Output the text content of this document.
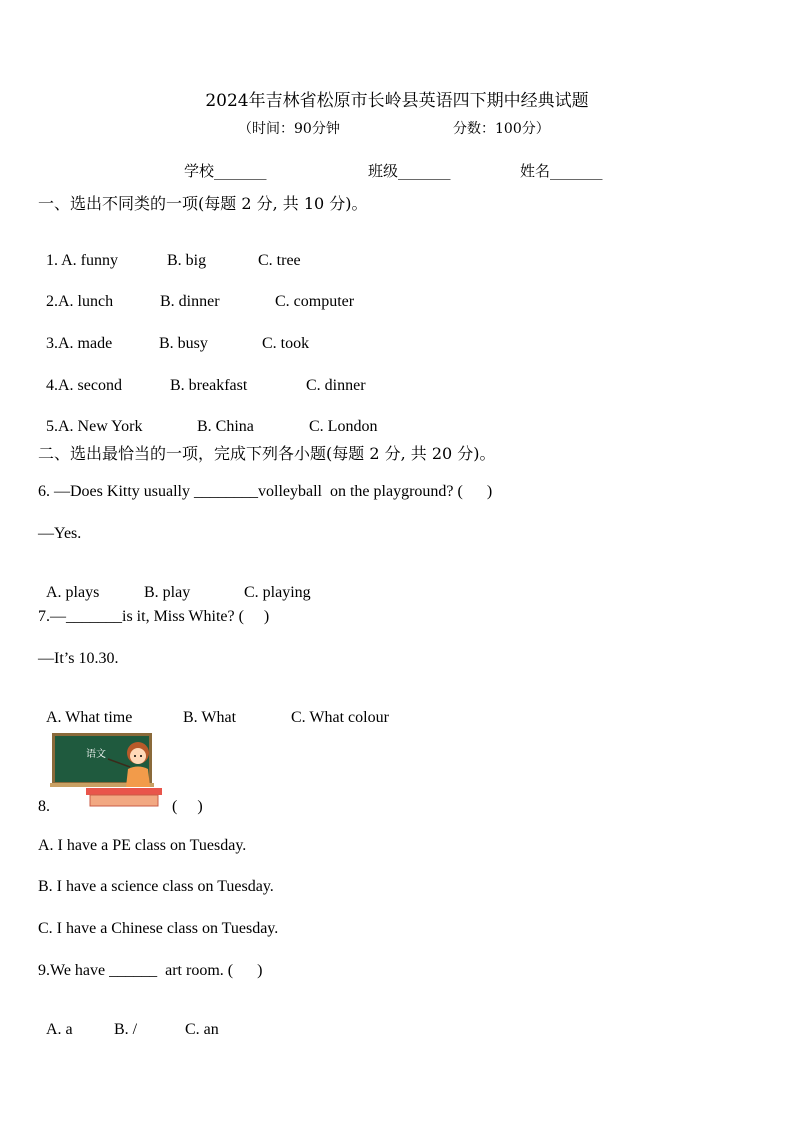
2024年吉林省松原市长岭县英语四下期中经典试题
（时间：90分钟	分数：100分）
学校_______	班级_______	姓名_______
一、选出不同类的一项(每题 2 分, 共 10 分)。

1. A. funny	B. big	C. tree

2.A. lunch	B. dinner	C. computer

3.A. made	B. busy	C. took

4.A. second	B. breakfast	C. dinner

5.A. New York	B. China	C. London

二、选出最恰当的一项，完成下列各小题(每题 2 分, 共 20 分)。
6. —Does Kitty usually ________volleyball  on the playground? (      )
—Yes.

A. plays	B. play	C. playing

7.—_______is it, Miss White? (     )
—It’s 10.30.

A. What time	B. What	C. What colour

语文
8.	(     )
A. I have a PE class on Tuesday.
B. I have a science class on Tuesday.
C. I have a Chinese class on Tuesday.
9.We have ______  art room. (      )

A. a	B. /	C. an
